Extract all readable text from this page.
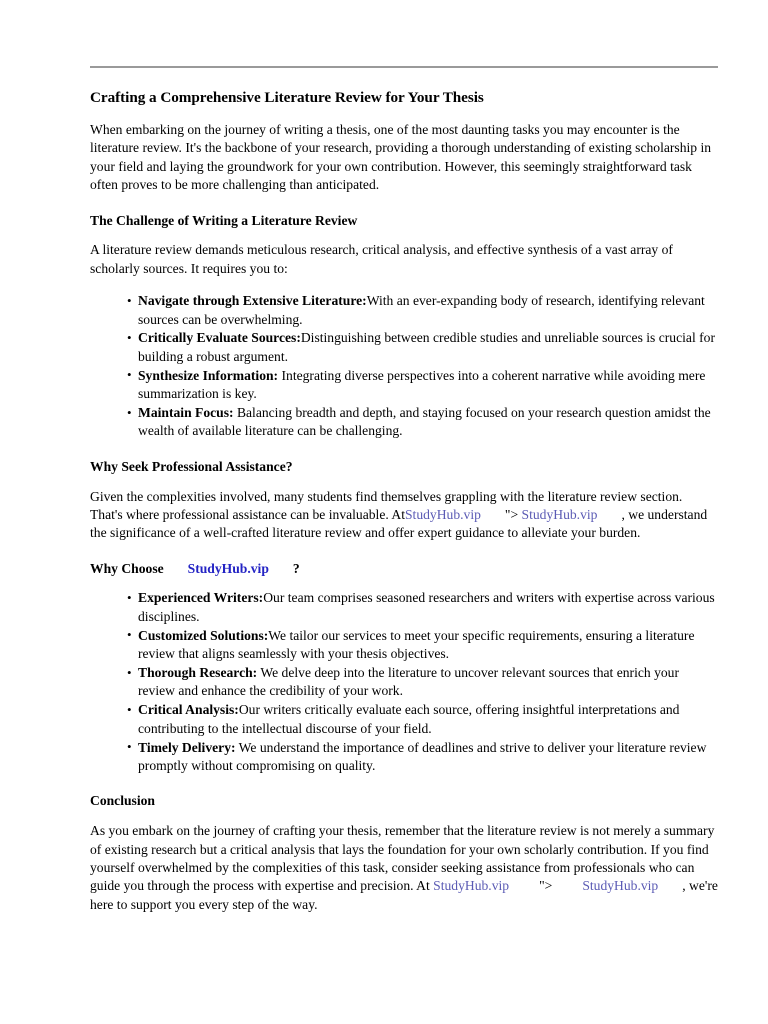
Crafting a Comprehensive Literature Review for Your Thesis

When embarking on the journey of writing a thesis, one of the most daunting tasks you may encounter is the literature review. It's the backbone of your research, providing a thorough understanding of existing scholarship in your field and laying the groundwork for your own contribution. However, this seemingly straightforward task often proves to be more challenging than anticipated.

The Challenge of Writing a Literature Review

A literature review demands meticulous research, critical analysis, and effective synthesis of a vast array of scholarly sources. It requires you to:

• Navigate through Extensive Literature:With an ever-expanding body of research, identifying relevant sources can be overwhelming.
• Critically Evaluate Sources:Distinguishing between credible studies and unreliable sources is crucial for building a robust argument.
• Synthesize Information: Integrating diverse perspectives into a coherent narrative while avoiding mere summarization is key.
• Maintain Focus: Balancing breadth and depth, and staying focused on your research question amidst the wealth of available literature can be challenging.
Why Seek Professional Assistance?

Given the complexities involved, many students find themselves grappling with the literature review section. That's where professional assistance can be invaluable. AtStudyHub.vip "> StudyHub.vip , we understand the significance of a well-crafted literature review and offer expert guidance to alleviate your burden.

Why Choose StudyHub.vip ?
• Experienced Writers:Our team comprises seasoned researchers and writers with expertise across various disciplines.
• Customized Solutions:We tailor our services to meet your specific requirements, ensuring a literature review that aligns seamlessly with your thesis objectives.
• Thorough Research: We delve deep into the literature to uncover relevant sources that enrich your review and enhance the credibility of your work.
• Critical Analysis:Our writers critically evaluate each source, offering insightful interpretations and contributing to the intellectual discourse of your field.
• Timely Delivery: We understand the importance of deadlines and strive to deliver your literature review promptly without compromising on quality.
Conclusion

As you embark on the journey of crafting your thesis, remember that the literature review is not merely a summary of existing research but a critical analysis that lays the foundation for your own scholarly contribution. If you find yourself overwhelmed by the complexities of this task, consider seeking assistance from professionals who can guide you through the process with expertise and precision. At StudyHub.vip "> StudyHub.vip , we're here to support you every step of the way.
